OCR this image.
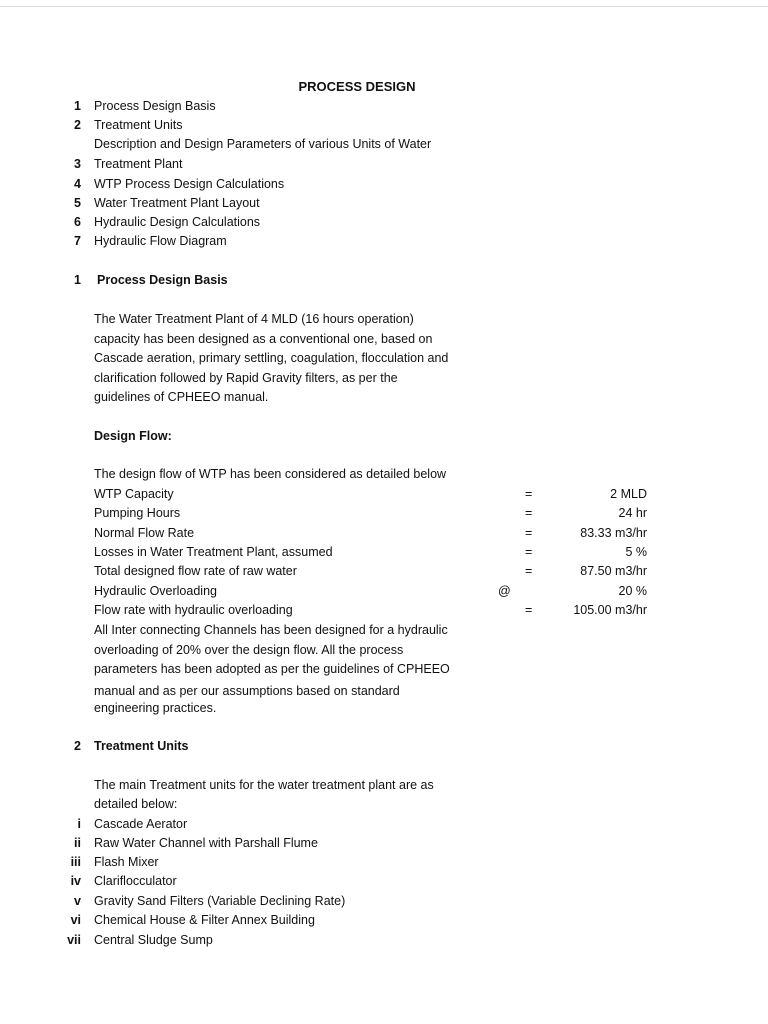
PROCESS DESIGN
1 Process Design Basis
2 Treatment Units
Description and Design Parameters of various Units of Water
3 Treatment Plant
4 WTP Process Design Calculations
5 Water Treatment Plant Layout
6 Hydraulic Design Calculations
7 Hydraulic Flow Diagram
1 Process Design Basis
The Water Treatment Plant of 4 MLD (16 hours operation)
capacity has been designed as a conventional one, based on
Cascade aeration, primary settling, coagulation, flocculation and
clarification followed by Rapid Gravity filters, as per the
guidelines of CPHEEO manual.
Design Flow:
The design flow of WTP has been considered as detailed below
WTP Capacity	=	2 MLD
Pumping Hours	=	24 hr
Normal Flow Rate	=	83.33 m3/hr
Losses in Water Treatment Plant, assumed	=	5 %
Total designed flow rate of raw water	=	87.50 m3/hr
Hydraulic Overloading	@	20 %
Flow rate with hydraulic overloading	=	105.00 m3/hr
All Inter connecting Channels has been designed for a hydraulic
overloading of 20% over the design flow. All the process
parameters has been adopted as per the guidelines of CPHEEO
manual and as per our assumptions based on standard
engineering practices.
2 Treatment Units
The main Treatment units for the water treatment plant are as
detailed below:
i Cascade Aerator
ii Raw Water Channel with Parshall Flume
iii Flash Mixer
iv Clariflocculator
v Gravity Sand Filters (Variable Declining Rate)
vi Chemical House & Filter Annex Building
vii Central Sludge Sump
